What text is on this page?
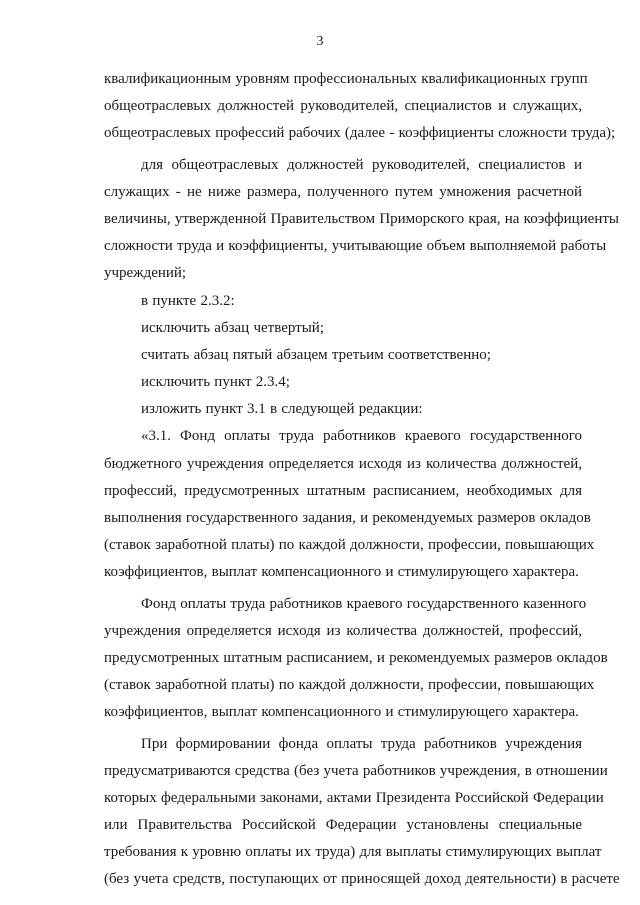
3
квалификационным уровням профессиональных квалификационных групп
общеотраслевых должностей руководителей, специалистов и служащих,
общеотраслевых профессий рабочих (далее - коэффициенты сложности труда);
для общеотраслевых должностей руководителей, специалистов и
служащих - не ниже размера, полученного путем умножения расчетной
величины, утвержденной Правительством Приморского края, на коэффициенты
сложности труда и коэффициенты, учитывающие объем выполняемой работы
учреждений;
в пункте 2.3.2:
исключить абзац четвертый;
считать абзац пятый абзацем третьим соответственно;
исключить пункт 2.3.4;
изложить пункт 3.1 в следующей редакции:
«3.1. Фонд оплаты труда работников краевого государственного
бюджетного учреждения определяется исходя из количества должностей,
профессий, предусмотренных штатным расписанием, необходимых для
выполнения государственного задания, и рекомендуемых размеров окладов
(ставок заработной платы) по каждой должности, профессии, повышающих
коэффициентов, выплат компенсационного и стимулирующего характера.
Фонд оплаты труда работников краевого государственного казенного
учреждения определяется исходя из количества должностей, профессий,
предусмотренных штатным расписанием, и рекомендуемых размеров окладов
(ставок заработной платы) по каждой должности, профессии, повышающих
коэффициентов, выплат компенсационного и стимулирующего характера.
При формировании фонда оплаты труда работников учреждения
предусматриваются средства (без учета работников учреждения, в отношении
которых федеральными законами, актами Президента Российской Федерации
или Правительства Российской Федерации установлены специальные
требования к уровню оплаты их труда) для выплаты стимулирующих выплат
(без учета средств, поступающих от приносящей доход деятельности) в расчете
